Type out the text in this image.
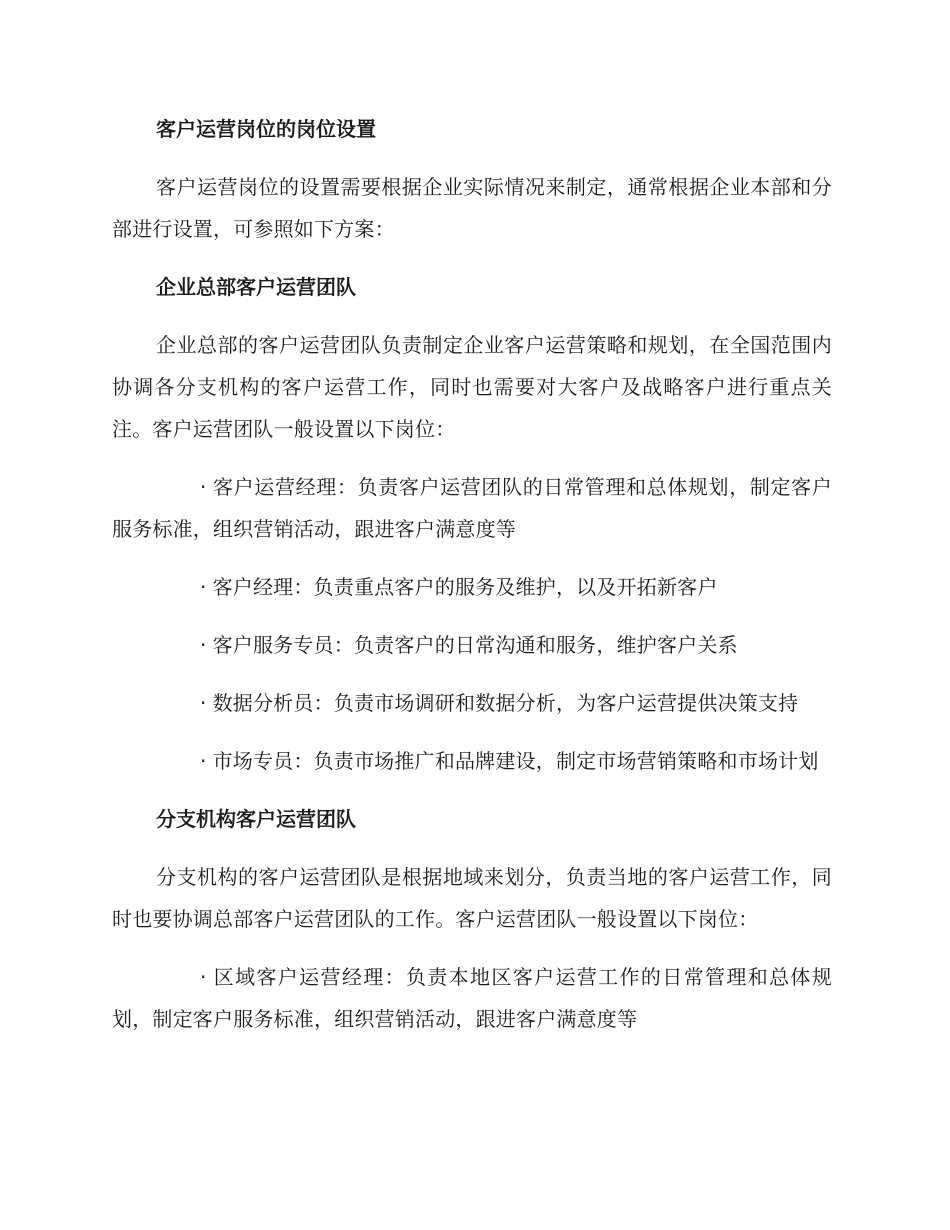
客户运营岗位的岗位设置
客户运营岗位的设置需要根据企业实际情况来制定，通常根据企业本部和分部进行设置，可参照如下方案：
企业总部客户运营团队
企业总部的客户运营团队负责制定企业客户运营策略和规划，在全国范围内协调各分支机构的客户运营工作，同时也需要对大客户及战略客户进行重点关注。客户运营团队一般设置以下岗位：
· 客户运营经理：负责客户运营团队的日常管理和总体规划，制定客户服务标准，组织营销活动，跟进客户满意度等
· 客户经理：负责重点客户的服务及维护，以及开拓新客户
· 客户服务专员：负责客户的日常沟通和服务，维护客户关系
· 数据分析员：负责市场调研和数据分析，为客户运营提供决策支持
· 市场专员：负责市场推广和品牌建设，制定市场营销策略和市场计划
分支机构客户运营团队
分支机构的客户运营团队是根据地域来划分，负责当地的客户运营工作，同时也要协调总部客户运营团队的工作。客户运营团队一般设置以下岗位：
· 区域客户运营经理：负责本地区客户运营工作的日常管理和总体规划，制定客户服务标准，组织营销活动，跟进客户满意度等
